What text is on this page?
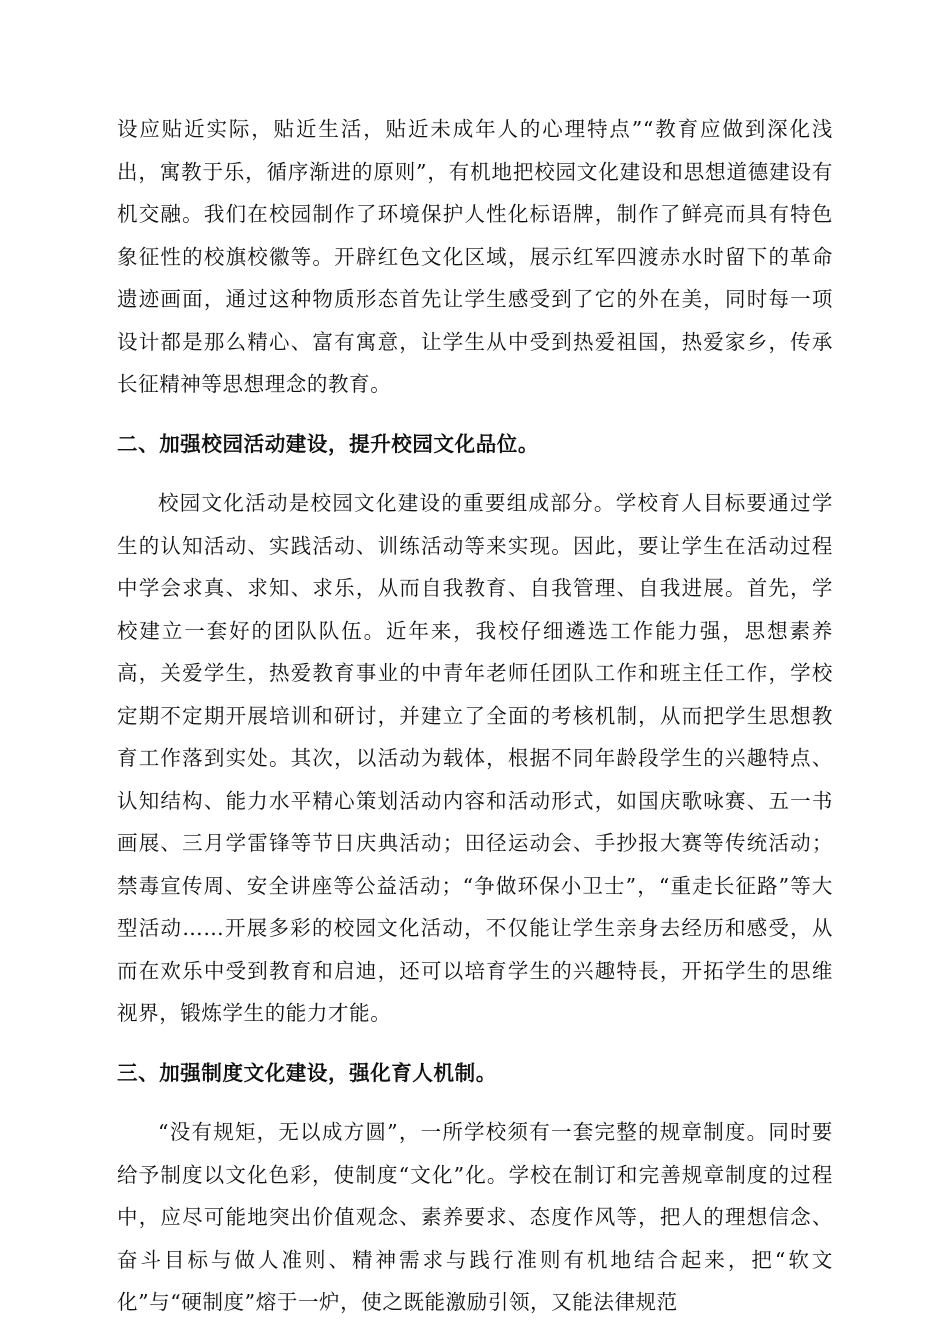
设应贴近实际，贴近生活，贴近未成年人的心理特点”“教育应做到深化浅出，寓教于乐，循序渐进的原则”，有机地把校园文化建设和思想道德建设有机交融。我们在校园制作了环境保护人性化标语牌，制作了鲜亮而具有特色象征性的校旗校徽等。开辟红色文化区域，展示红军四渡赤水时留下的革命遗迹画面，通过这种物质形态首先让学生感受到了它的外在美，同时每一项设计都是那么精心、富有寓意，让学生从中受到热爱祖国，热爱家乡，传承长征精神等思想理念的教育。

二、加强校园活动建设，提升校园文化品位。

校园文化活动是校园文化建设的重要组成部分。学校育人目标要通过学生的认知活动、实践活动、训练活动等来实现。因此，要让学生在活动过程中学会求真、求知、求乐，从而自我教育、自我管理、自我进展。首先，学校建立一套好的团队队伍。近年来，我校仔细遴选工作能力强，思想素养高，关爱学生，热爱教育事业的中青年老师任团队工作和班主任工作，学校定期不定期开展培训和研讨，并建立了全面的考核机制，从而把学生思想教育工作落到实处。其次，以活动为载体，根据不同年龄段学生的兴趣特点、认知结构、能力水平精心策划活动内容和活动形式，如国庆歌咏赛、五一书画展、三月学雷锋等节日庆典活动；田径运动会、手抄报大赛等传统活动；禁毒宣传周、安全讲座等公益活动；“争做环保小卫士”，“重走长征路”等大型活动……开展多彩的校园文化活动，不仅能让学生亲身去经历和感受，从而在欢乐中受到教育和启迪，还可以培育学生的兴趣特長，开拓学生的思维视界，锻炼学生的能力才能。

三、加强制度文化建设，强化育人机制。

“没有规矩，无以成方圆”，一所学校须有一套完整的规章制度。同时要给予制度以文化色彩，使制度“文化”化。学校在制订和完善规章制度的过程中，应尽可能地突出价值观念、素养要求、态度作风等，把人的理想信念、奋斗目标与做人准则、精神需求与践行准则有机地结合起来，把“软文化”与“硬制度”熔于一炉，使之既能激励引领，又能法律规范
